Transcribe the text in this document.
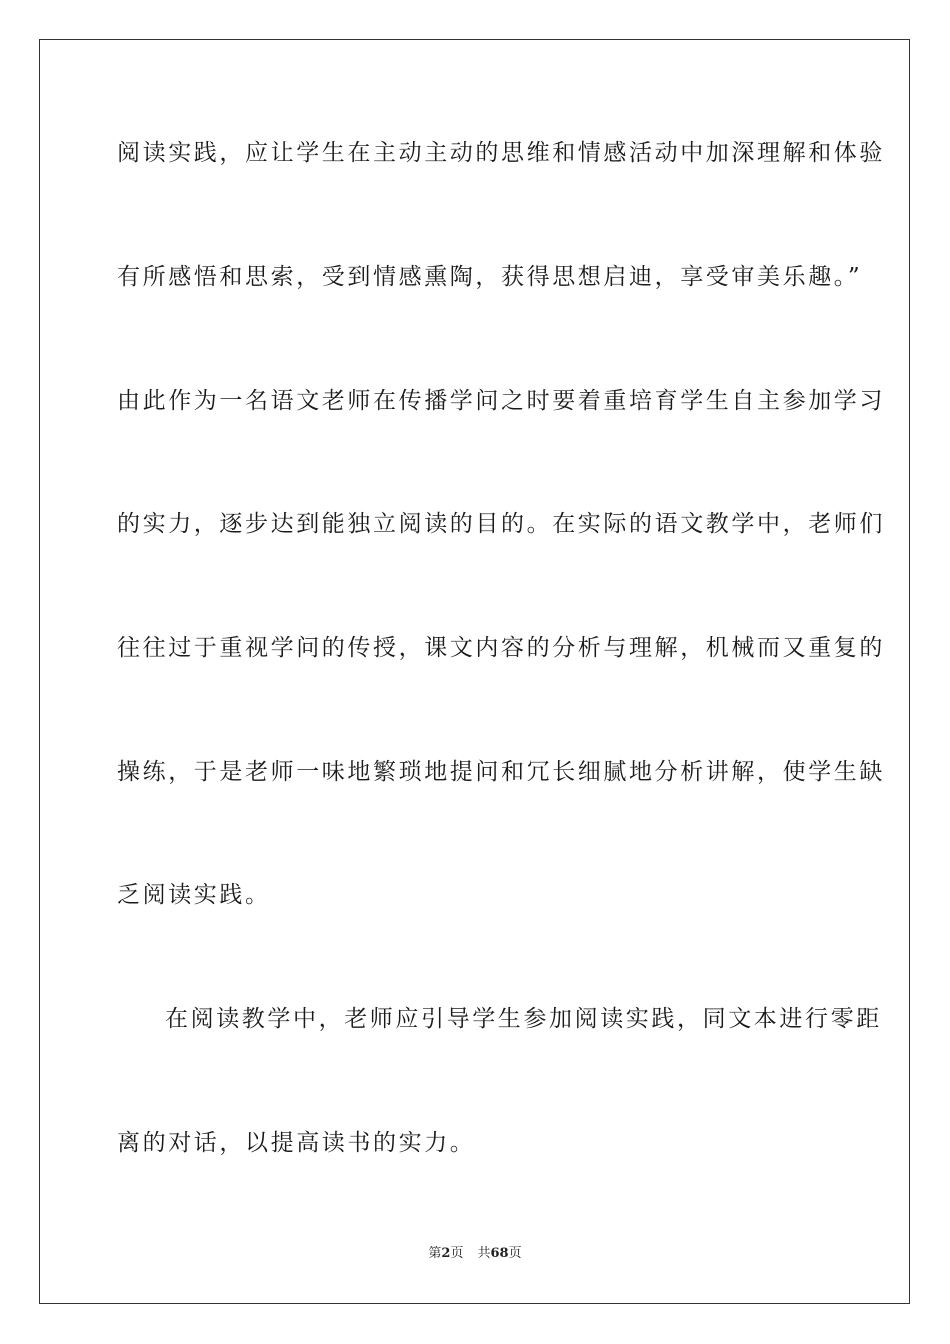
阅读实践，应让学生在主动主动的思维和情感活动中加深理解和体验
有所感悟和思索，受到情感熏陶，获得思想启迪，享受审美乐趣。”
由此作为一名语文老师在传播学问之时要着重培育学生自主参加学习
的实力，逐步达到能独立阅读的目的。在实际的语文教学中，老师们
往往过于重视学问的传授，课文内容的分析与理解，机械而又重复的
操练，于是老师一味地繁琐地提问和冗长细腻地分析讲解，使学生缺
乏阅读实践。
在阅读教学中，老师应引导学生参加阅读实践，同文本进行零距
离的对话，以提高读书的实力。
第2页 共68页
